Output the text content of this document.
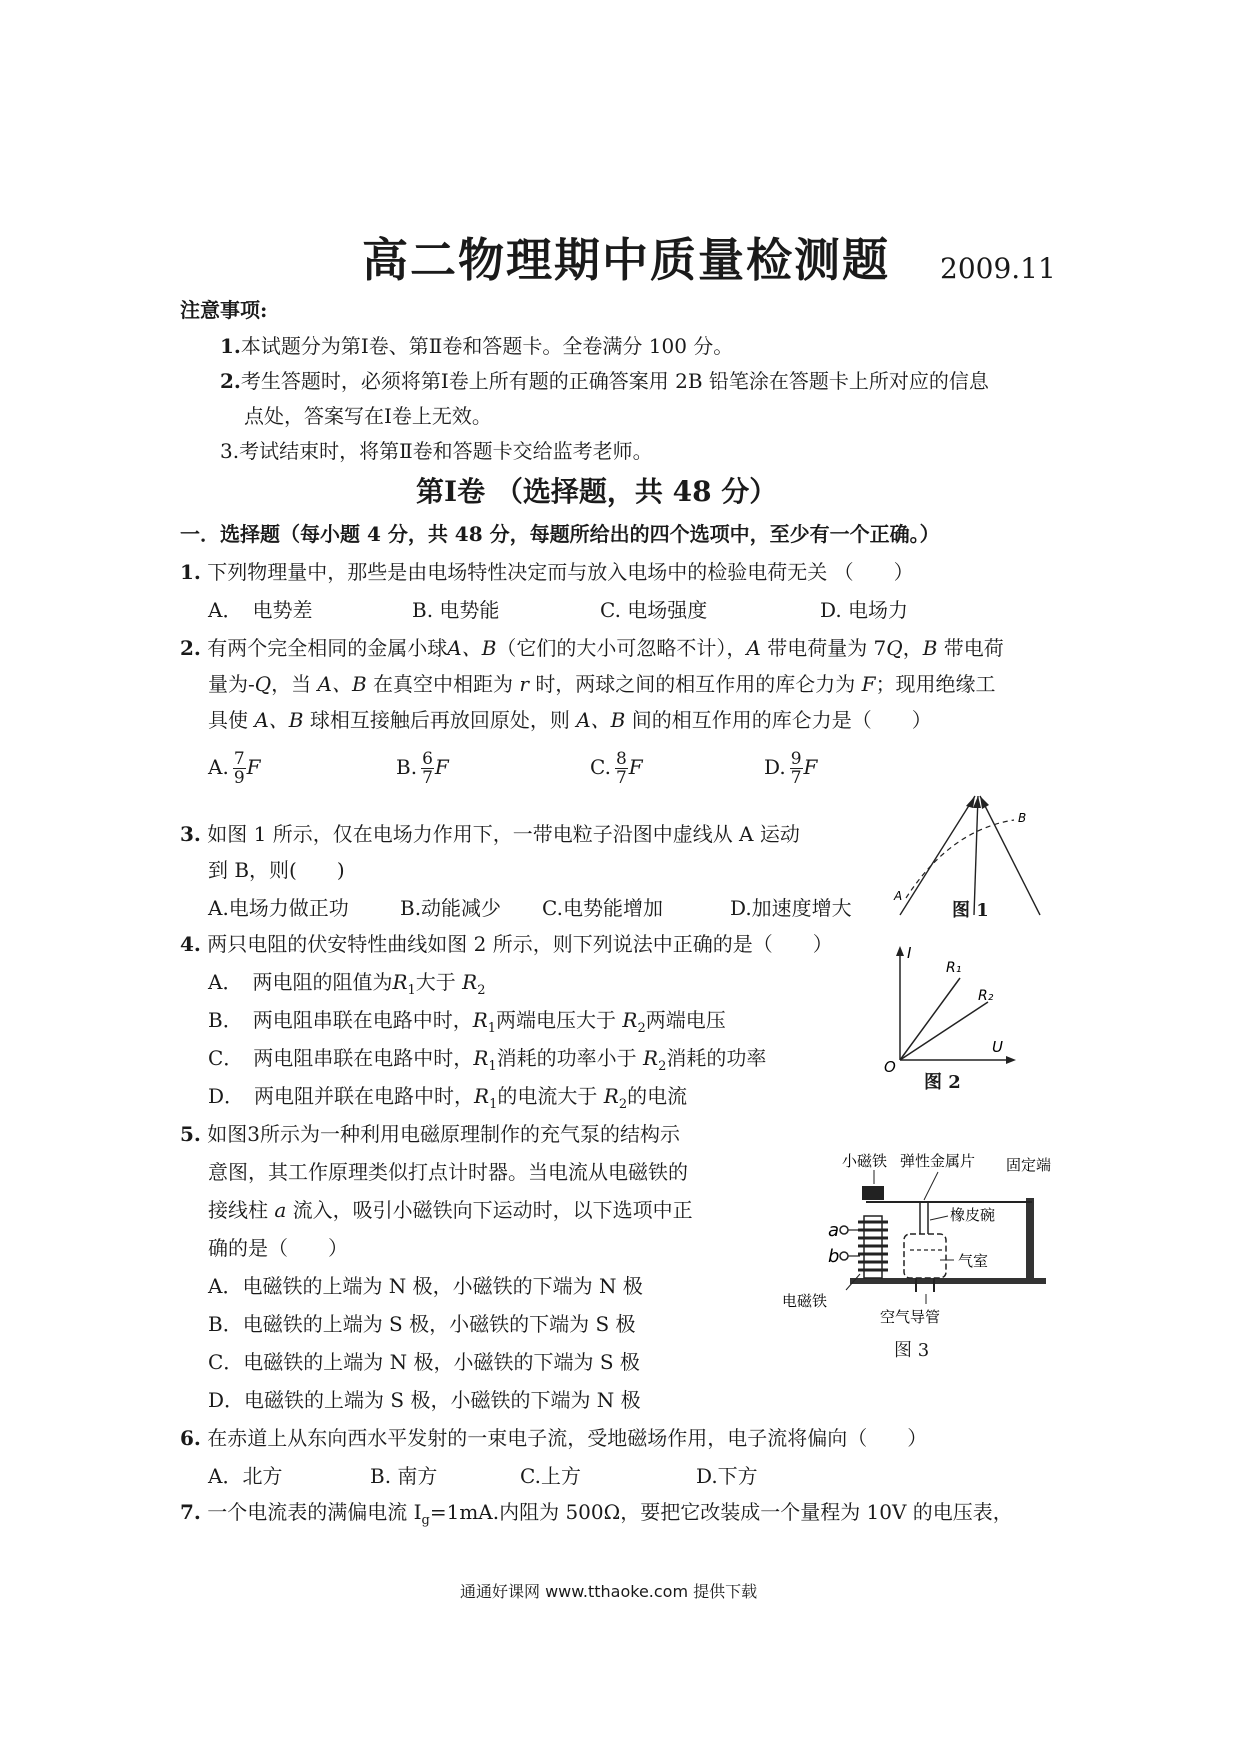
高二物理期中质量检测题 2009.11
注意事项:
1.本试题分为第Ⅰ卷、第Ⅱ卷和答题卡。全卷满分 100 分。
2.考生答题时，必须将第Ⅰ卷上所有题的正确答案用 2B 铅笔涂在答题卡上所对应的信息
点处，答案写在Ⅰ卷上无效。
3.考试结束时，将第Ⅱ卷和答题卡交给监考老师。
第Ⅰ卷 （选择题，共 48 分）
一．选择题（每小题 4 分，共 48 分，每题所给出的四个选项中，至少有一个正确。）
1. 下列物理量中，那些是由电场特性决定而与放入电场中的检验电荷无关 （　　）
A．　电势差	B. 电势能	C. 电场强度	D. 电场力
2. 有两个完全相同的金属小球A、B（它们的大小可忽略不计），A 带电荷量为 7Q，B 带电荷
量为-Q，当 A、B 在真空中相距为 r 时，两球之间的相互作用的库仑力为 F；现用绝缘工
具使 A、B 球相互接触后再放回原处，则 A、B 间的相互作用的库仑力是（　　）
A. $\frac{7}{9}$ F	B. $\frac{6}{7}$ F	C. $\frac{8}{7}$ F	D. $\frac{9}{7}$ F
3. 如图 1 所示，仅在电场力作用下，一带电粒子沿图中虚线从 A 运动
到 B，则(　　)
A.电场力做正功	B.动能减少 C.电势能增加	D.加速度增大	A
B
图 1
4. 两只电阻的伏安特性曲线如图 2 所示，则下列说法中正确的是（　　）
A．　两电阻的阻值为$R_1$大于 $R_2$
B．　两电阻串联在电路中时，$R_1$两端电压大于 $R_2$两端电压
C．　两电阻串联在电路中时，$R_1$消耗的功率小于 $R_2$消耗的功率
D．　两电阻并联在电路中时，$R_1$的电流大于 $R_2$的电流
I
R₁
R₂
U
O
图 2
5. 如图3所示为一种利用电磁原理制作的充气泵的结构示
意图，其工作原理类似打点计时器。当电流从电磁铁的
接线柱 a 流入，吸引小磁铁向下运动时，以下选项中正
确的是（　　）
A．电磁铁的上端为 N 极，小磁铁的下端为 N 极
B．电磁铁的上端为 S 极，小磁铁的下端为 S 极
C．电磁铁的上端为 N 极，小磁铁的下端为 S 极
D．电磁铁的上端为 S 极，小磁铁的下端为 N 极
a
b
小磁铁 弹性金属片 固定端
橡皮碗
气室
电磁铁
空气导管
图 3
6. 在赤道上从东向西水平发射的一束电子流，受地磁场作用，电子流将偏向（　　）
A．北方	B. 南方	C.上方	D.下方
7. 一个电流表的满偏电流 $I_g=1mA$.内阻为 500Ω，要把它改装成一个量程为 10V 的电压表，
通通好课网 www.tthaoke.com 提供下载
